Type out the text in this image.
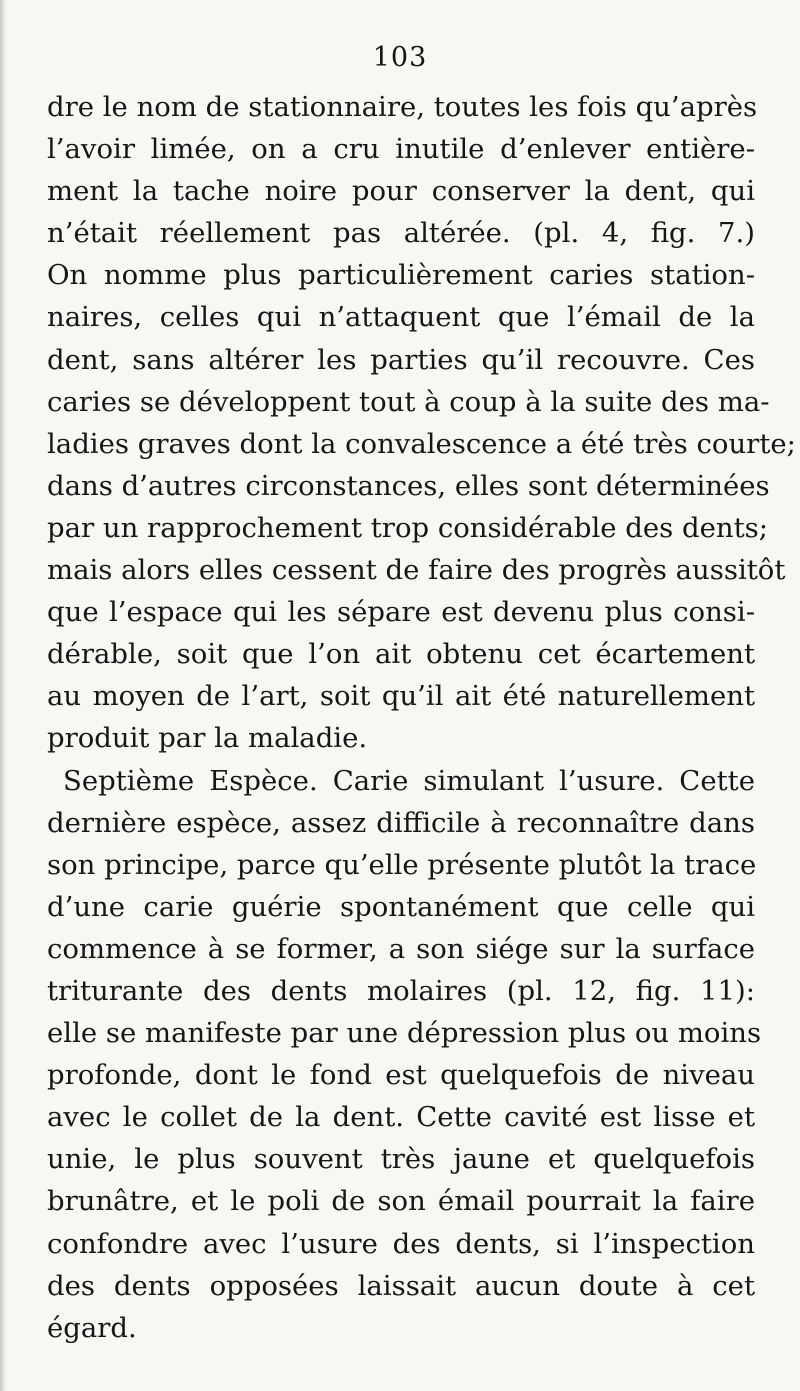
103
dre le nom de stationnaire, toutes les fois qu’après
l’avoir limée, on a cru inutile d’enlever entière-
ment la tache noire pour conserver la dent, qui
n’était réellement pas altérée. (pl. 4, fig. 7.)
On nomme plus particulièrement caries station-
naires, celles qui n’attaquent que l’émail de la
dent, sans altérer les parties qu’il recouvre. Ces
caries se développent tout à coup à la suite des ma-
ladies graves dont la convalescence a été très courte;
dans d’autres circonstances, elles sont déterminées
par un rapprochement trop considérable des dents;
mais alors elles cessent de faire des progrès aussitôt
que l’espace qui les sépare est devenu plus consi-
dérable, soit que l’on ait obtenu cet écartement
au moyen de l’art, soit qu’il ait été naturellement
produit par la maladie.
Septième Espèce. Carie simulant l’usure. Cette
dernière espèce, assez difficile à reconnaître dans
son principe, parce qu’elle présente plutôt la trace
d’une carie guérie spontanément que celle qui
commence à se former, a son siége sur la surface
triturante des dents molaires (pl. 12, fig. 11):
elle se manifeste par une dépression plus ou moins
profonde, dont le fond est quelquefois de niveau
avec le collet de la dent. Cette cavité est lisse et
unie, le plus souvent très jaune et quelquefois
brunâtre, et le poli de son émail pourrait la faire
confondre avec l’usure des dents, si l’inspection
des dents opposées laissait aucun doute à cet
égard.
